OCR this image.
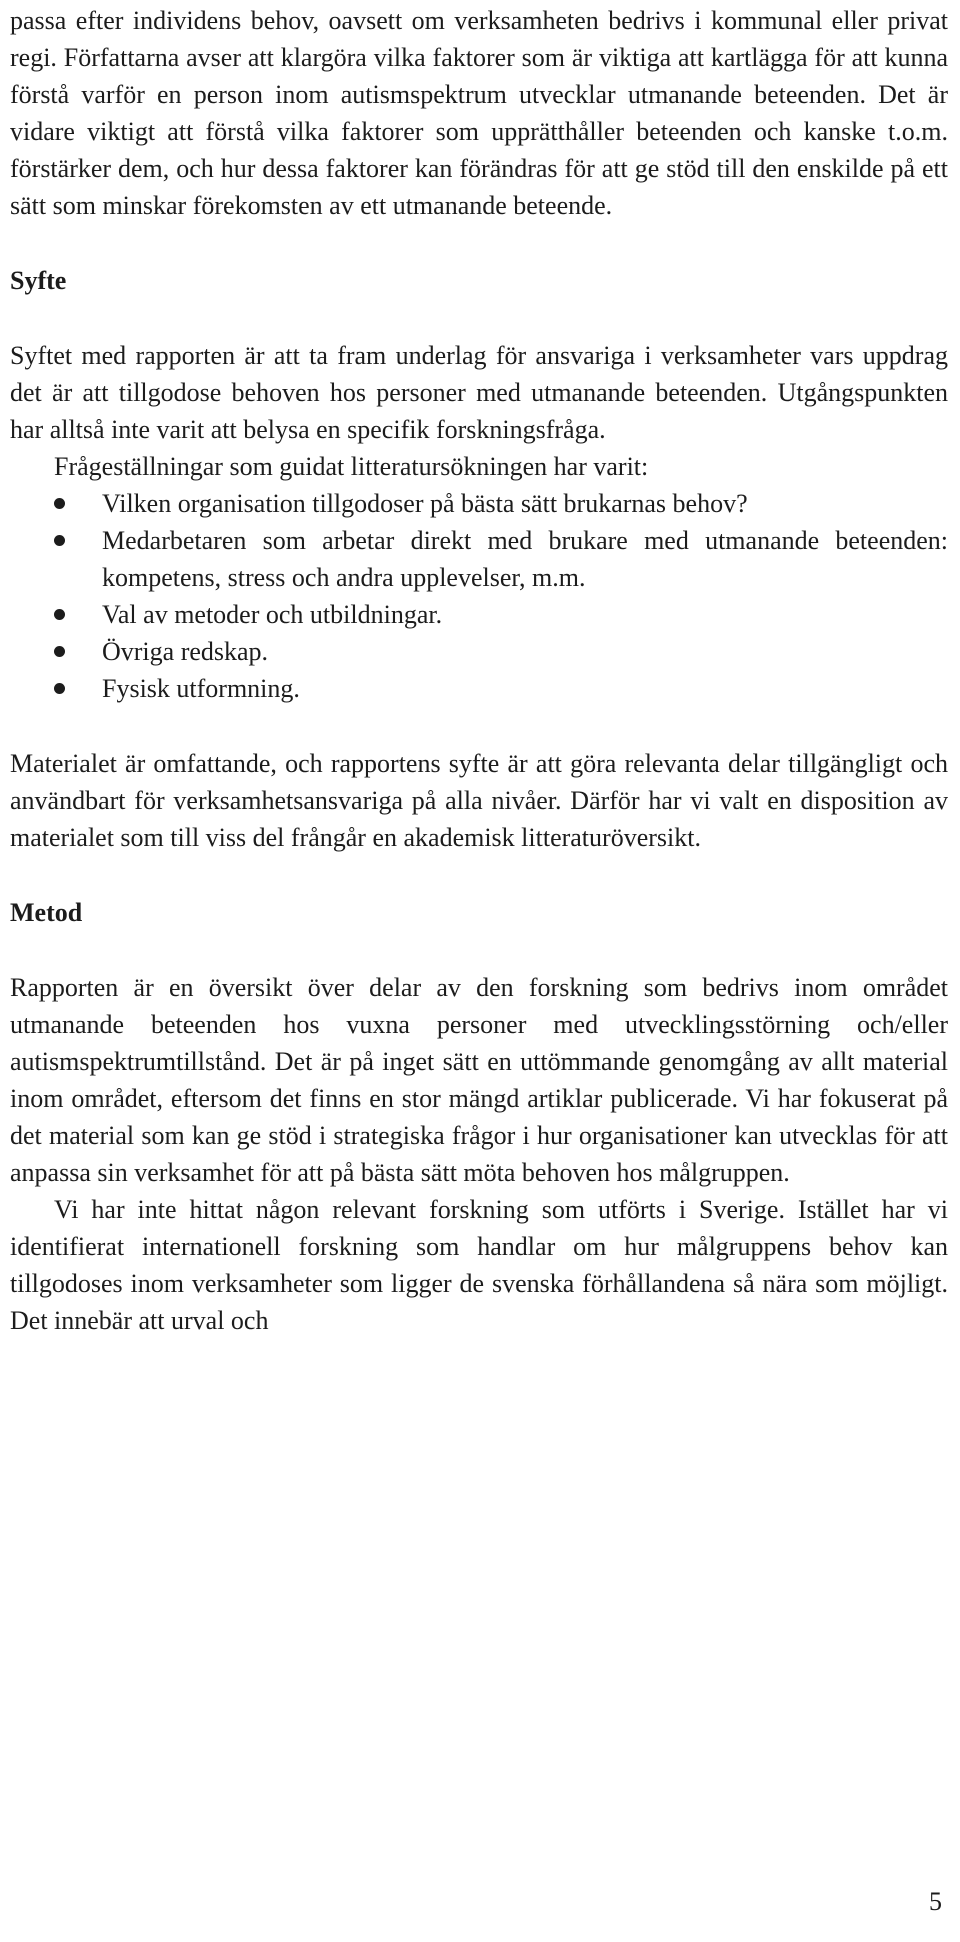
passa efter individens behov, oavsett om verksamheten bedrivs i kommunal eller privat regi. Författarna avser att klargöra vilka faktorer som är viktiga att kartlägga för att kunna förstå varför en person inom autismspektrum utvecklar utmanande beteenden. Det är vidare viktigt att förstå vilka faktorer som upprätthåller beteenden och kanske t.o.m. förstärker dem, och hur dessa faktorer kan förändras för att ge stöd till den enskilde på ett sätt som minskar förekomsten av ett utmanande beteende.

Syfte

Syftet med rapporten är att ta fram underlag för ansvariga i verksamheter vars uppdrag det är att tillgodose behoven hos personer med utmanande beteenden. Utgångspunkten har alltså inte varit att belysa en specifik forskningsfråga.

Frågeställningar som guidat litteratursökningen har varit:

Vilken organisation tillgodoser på bästa sätt brukarnas behov?
Medarbetaren som arbetar direkt med brukare med utmanande beteenden: kompetens, stress och andra upplevelser, m.m.
Val av metoder och utbildningar.
Övriga redskap.
Fysisk utformning.

Materialet är omfattande, och rapportens syfte är att göra relevanta delar tillgängligt och användbart för verksamhetsansvariga på alla nivåer. Därför har vi valt en disposition av materialet som till viss del frångår en akademisk litteraturöversikt.

Metod

Rapporten är en översikt över delar av den forskning som bedrivs inom området utmanande beteenden hos vuxna personer med utvecklingsstörning och/eller autismspektrumtillstånd. Det är på inget sätt en uttömmande genomgång av allt material inom området, eftersom det finns en stor mängd artiklar publicerade. Vi har fokuserat på det material som kan ge stöd i strategiska frågor i hur organisationer kan utvecklas för att anpassa sin verksamhet för att på bästa sätt möta behoven hos målgruppen.

Vi har inte hittat någon relevant forskning som utförts i Sverige. Istället har vi identifierat internationell forskning som handlar om hur målgruppens behov kan tillgodoses inom verksamheter som ligger de svenska förhållandena så nära som möjligt. Det innebär att urval och

5
